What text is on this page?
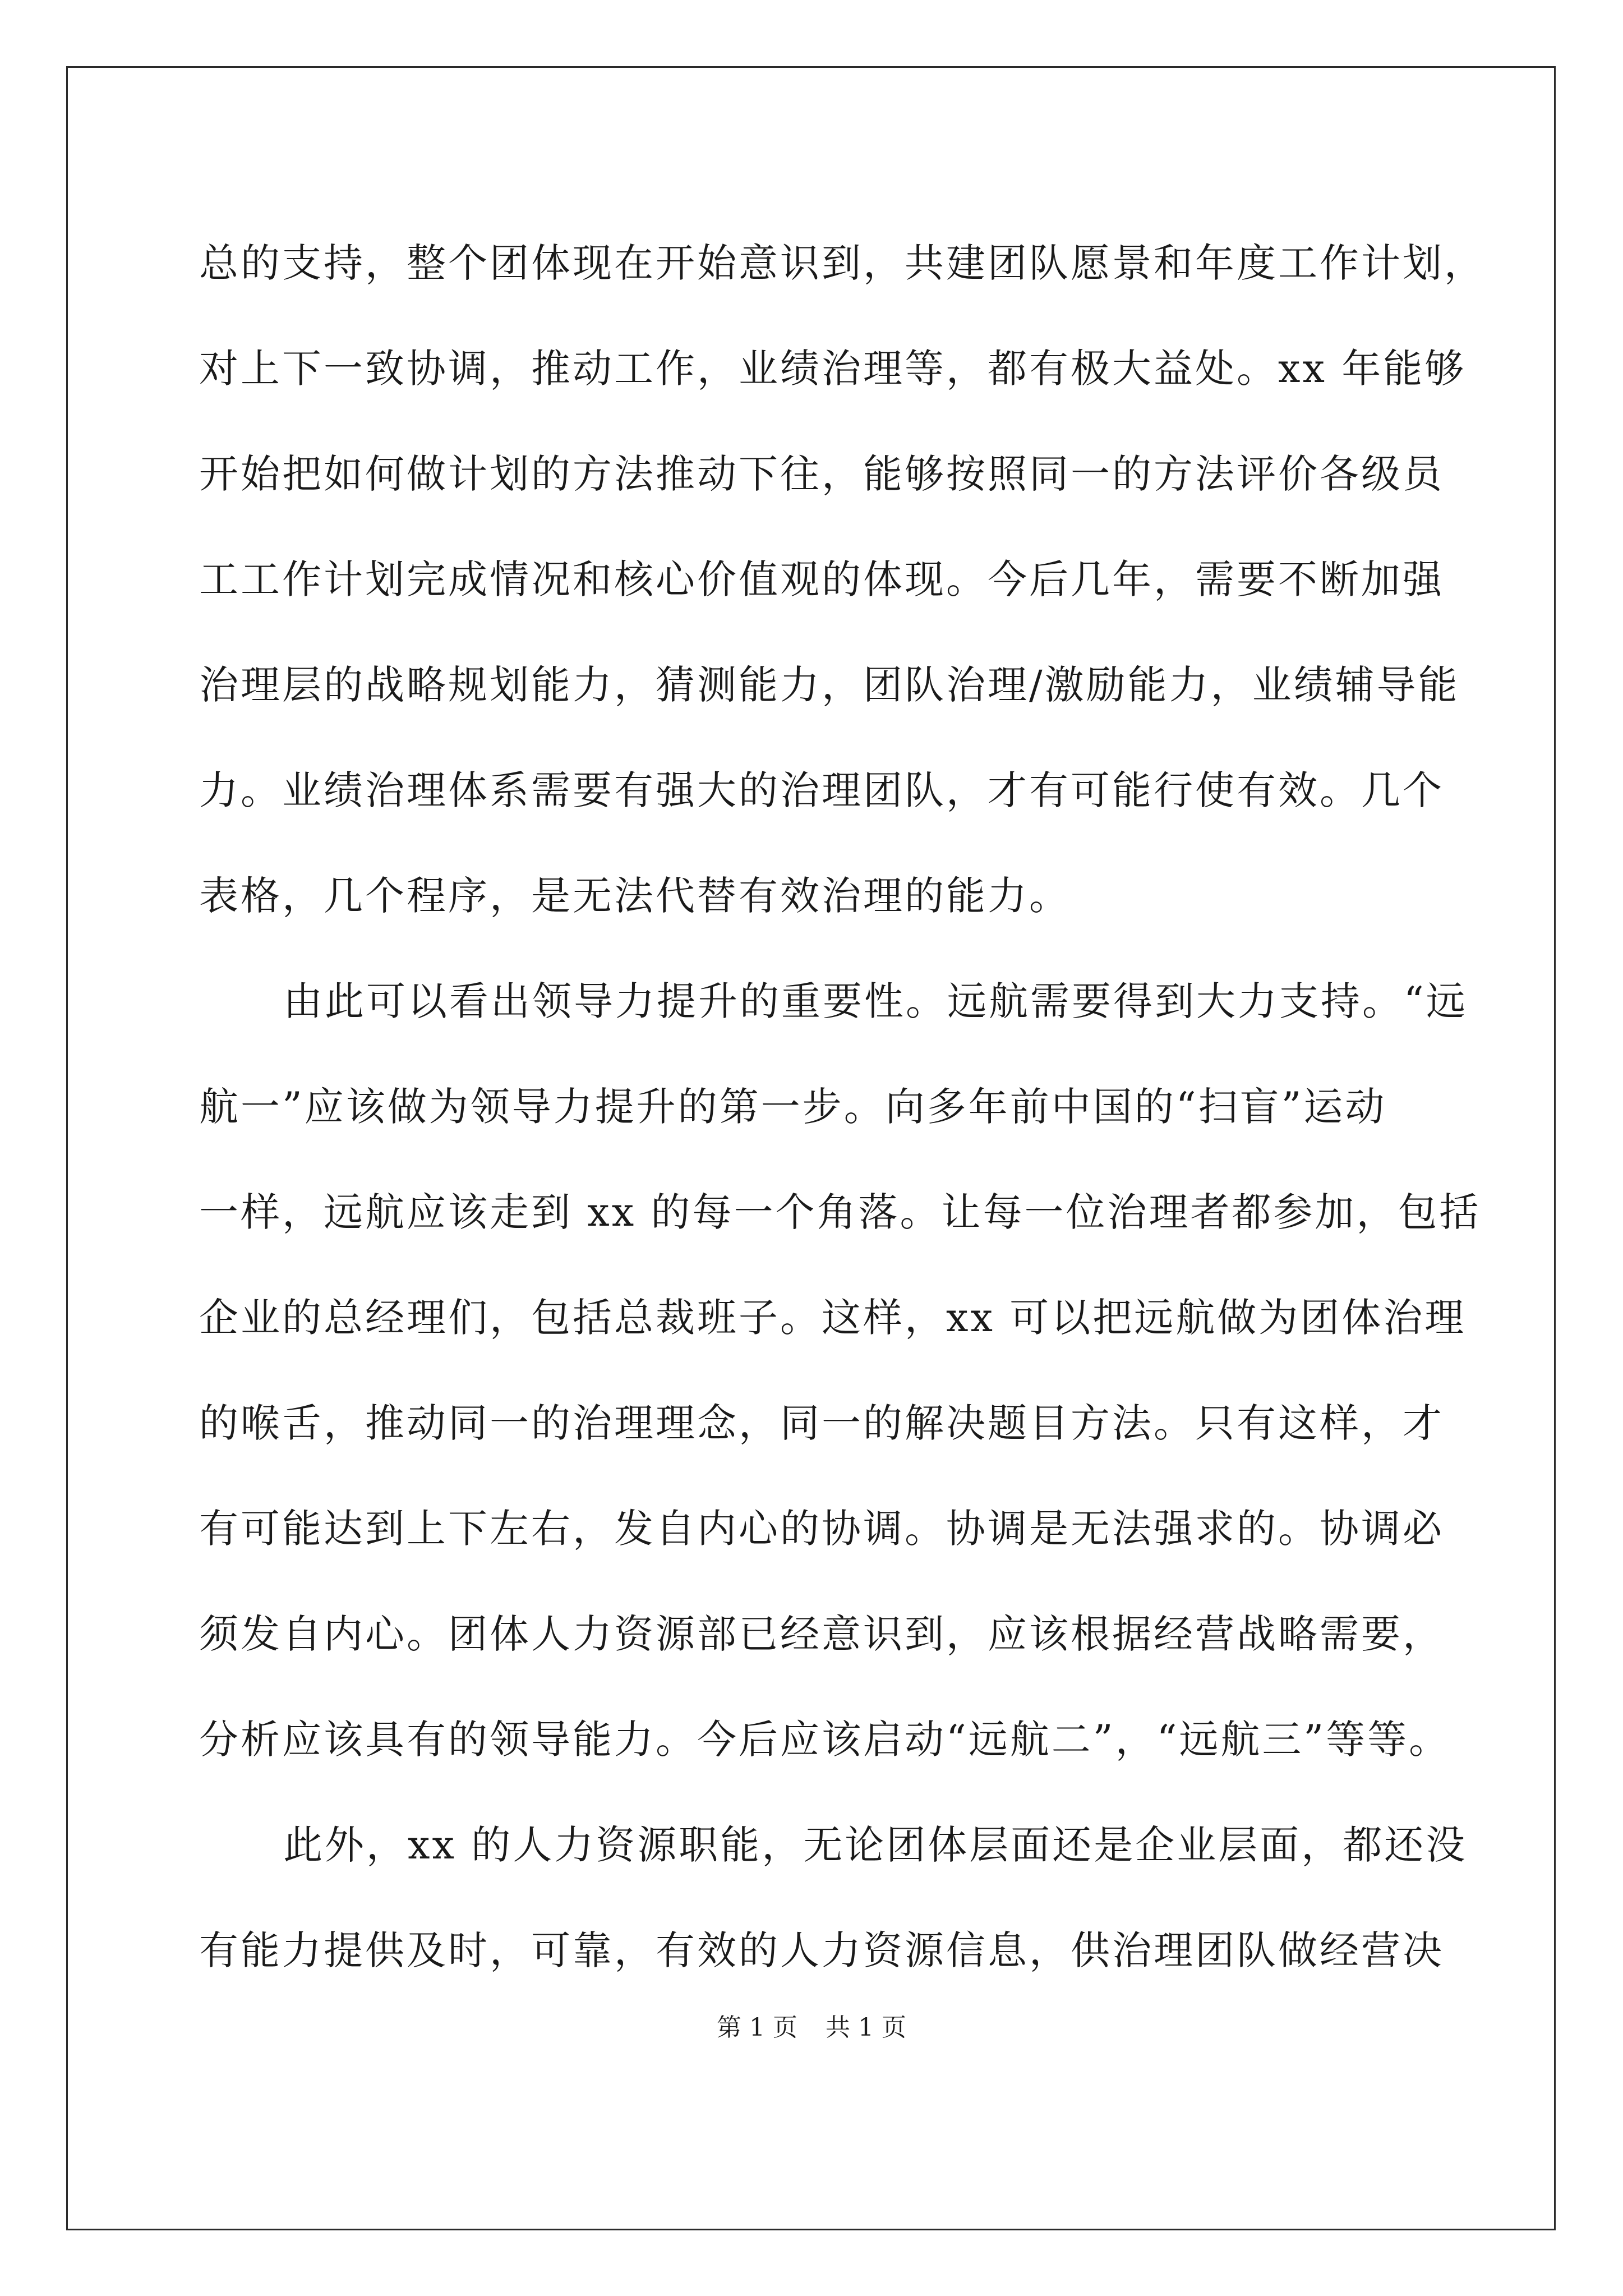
总的支持，整个团体现在开始意识到，共建团队愿景和年度工作计划，
对上下一致协调，推动工作，业绩治理等，都有极大益处。xx 年能够
开始把如何做计划的方法推动下往，能够按照同一的方法评价各级员
工工作计划完成情况和核心价值观的体现。今后几年，需要不断加强
治理层的战略规划能力，猜测能力，团队治理/激励能力，业绩辅导能
力。业绩治理体系需要有强大的治理团队，才有可能行使有效。几个
表格，几个程序，是无法代替有效治理的能力。
由此可以看出领导力提升的重要性。远航需要得到大力支持。“远
航一”应该做为领导力提升的第一步。向多年前中国的“扫盲”运动
一样，远航应该走到 xx 的每一个角落。让每一位治理者都参加，包括
企业的总经理们，包括总裁班子。这样，xx 可以把远航做为团体治理
的喉舌，推动同一的治理理念，同一的解决题目方法。只有这样，才
有可能达到上下左右，发自内心的协调。协调是无法强求的。协调必
须发自内心。团体人力资源部已经意识到，应该根据经营战略需要，
分析应该具有的领导能力。今后应该启动“远航二”，“远航三”等等。
此外，xx 的人力资源职能，无论团体层面还是企业层面，都还没
有能力提供及时，可靠，有效的人力资源信息，供治理团队做经营决
第 1 页 共 1 页
